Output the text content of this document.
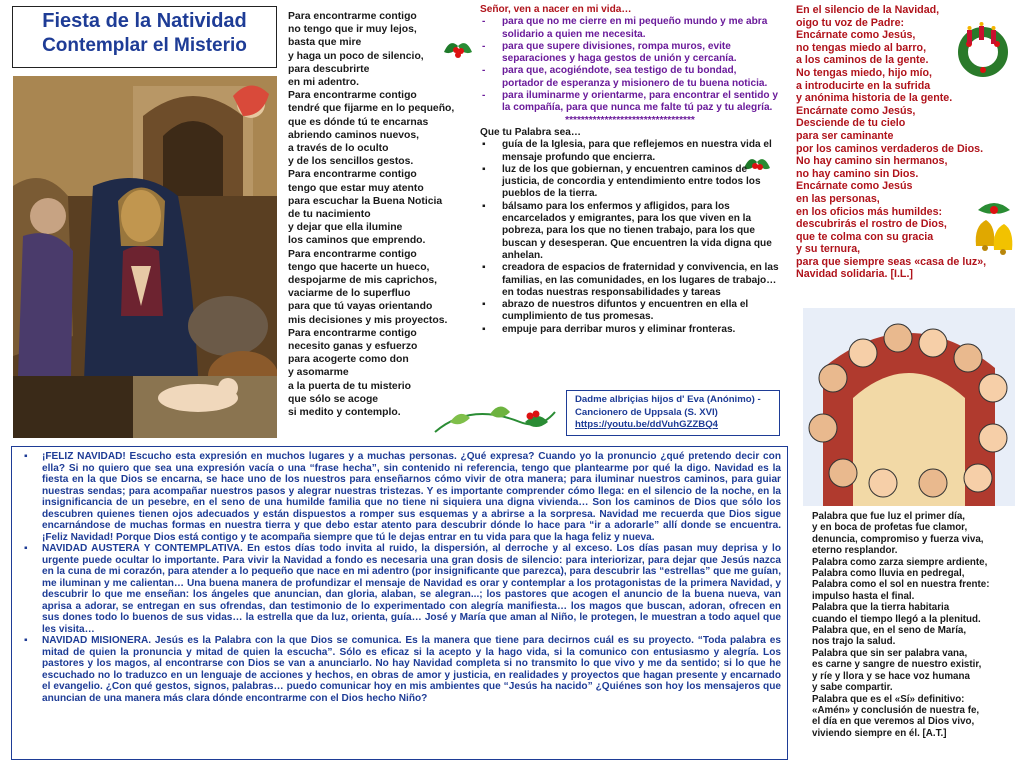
Fiesta de la Natividad
Contemplar el Misterio
Para encontrarme contigo
no tengo que ir muy lejos,
basta que mire
y haga un poco de silencio,
para descubrirte
en mi adentro.
Para encontrarme contigo
tendré que fijarme en lo pequeño,
que es dónde tú te encarnas
abriendo caminos nuevos,
a través de lo oculto
y de los sencillos gestos.
Para encontrarme contigo
tengo que estar muy atento
para escuchar la Buena Noticia
de tu nacimiento
y dejar que ella ilumine
los caminos que emprendo.
Para encontrarme contigo
tengo que hacerte un hueco,
despojarme de mis caprichos,
vaciarme de lo superfluo
para que tú vayas orientando
mis decisiones y mis proyectos.
Para encontrarme contigo
necesito ganas y esfuerzo
para acogerte como don
y asomarme
a la puerta de tu misterio
que sólo se acoge
si medito y contemplo.
Señor, ven a nacer en mi vida…
- para que no me cierre en mi pequeño mundo y me abra solidario a quien me necesita.
- para que supere divisiones, rompa muros, evite separaciones y haga gestos de unión y cercanía.
- para que, acogiéndote, sea testigo de tu bondad, portador de esperanza y misionero de tu buena noticia.
- para iluminarme y orientarme, para encontrar el sentido y la compañía, para que nunca me falte tú paz y tu alegría.
*********************************
Que tu Palabra sea…
▪ guía de la Iglesia, para que reflejemos en nuestra vida el mensaje profundo que encierra.
▪ luz de los que gobiernan, y encuentren caminos de justicia, de concordia y entendimiento entre todos los pueblos de la tierra.
▪ bálsamo para los enfermos y afligidos, para los encarcelados y emigrantes, para los que viven en la pobreza, para los que no tienen trabajo, para los que buscan y desesperan. Que encuentren la vida digna que anhelan.
▪ creadora de espacios de fraternidad y convivencia, en las familias, en las comunidades, en los lugares de trabajo… en todas nuestras responsabilidades y tareas
▪ abrazo de nuestros difuntos y encuentren en ella el cumplimiento de tus promesas.
▪ empuje para derribar muros y eliminar fronteras.
Dadme albriçias hijos d' Eva (Anónimo) -
Cancionero de Uppsala (S. XVI)
https://youtu.be/ddVuhGZZBQ4
En el silencio de la Navidad,
oigo tu voz de Padre:
Encárnate como Jesús,
no tengas miedo al barro,
a los caminos de la gente.
No tengas miedo, hijo mío,
a introducirte en la sufrida
y anónima historia de la gente.
Encárnate como Jesús,
Desciende de tu cielo
para ser caminante
por los caminos verdaderos de Dios.
No hay camino sin hermanos,
no hay camino sin Dios.
Encárnate como Jesús
en las personas,
en los oficios más humildes:
descubrirás el rostro de Dios,
que te colma con su gracia
y su ternura,
para que siempre seas «casa de luz»,
Navidad solidaria. [I.L.]
▪ ¡FELIZ NAVIDAD! Escucho esta expresión en muchos lugares y a muchas personas. ¿Qué expresa? Cuando yo la pronuncio ¿qué pretendo decir con ella? Si no quiero que sea una expresión vacía o una “frase hecha”, sin contenido ni referencia, tengo que plantearme por qué la digo. Navidad es la fiesta en la que Dios se encarna, se hace uno de los nuestros para enseñarnos cómo vivir de otra manera; para iluminar nuestros caminos, para guiar nuestras sendas; para acompañar nuestros pasos y alegrar nuestras tristezas. Y es importante comprender cómo llega: en el silencio de la noche, en la insignificancia de un pesebre, en el seno de una humilde familia que no tiene ni siquiera una digna vivienda… Son los caminos de Dios que sólo los descubren quienes tienen ojos adecuados y están dispuestos a romper sus esquemas y a abrirse a la sorpresa. Navidad me recuerda que Dios sigue encarnándose de muchas formas en nuestra tierra y que debo estar atento para descubrir dónde lo hace para “ir a adorarle” allí donde se encuentra. ¡Feliz Navidad! Porque Dios está contigo y te acompaña siempre que tú le dejas entrar en tu vida para que la haga feliz y nueva.
▪ NAVIDAD AUSTERA Y CONTEMPLATIVA. En estos días todo invita al ruido, la dispersión, al derroche y al exceso. Los días pasan muy deprisa y lo urgente puede ocultar lo importante. Para vivir la Navidad a fondo es necesaria una gran dosis de silencio: para interiorizar, para dejar que Jesús nazca en la cuna de mi corazón, para atender a lo pequeño que nace en mi adentro (por insignificante que parezca), para descubrir las “estrellas” que me guían, me iluminan y me calientan… Una buena manera de profundizar el mensaje de Navidad es orar y contemplar a los protagonistas de la primera Navidad, y descubrir lo que me enseñan: los ángeles que anuncian, dan gloria, alaban, se alegran...; los pastores que acogen el anuncio de la buena nueva, van aprisa a adorar, se entregan en sus ofrendas, dan testimonio de lo experimentado con alegría manifiesta… los magos que buscan, adoran, ofrecen en sus dones todo lo buenos de sus vidas… la estrella que da luz, orienta, guía… José y María que aman al Niño, le protegen, le muestran a todo aquel que les visita…
▪ NAVIDAD MISIONERA. Jesús es la Palabra con la que Dios se comunica. Es la manera que tiene para decirnos cuál es su proyecto. “Toda palabra es mitad de quien la pronuncia y mitad de quien la escucha”. Sólo es eficaz si la acepto y la hago vida, si la comunico con entusiasmo y alegría. Los pastores y los magos, al encontrarse con Dios se van a anunciarlo. No hay Navidad completa si no transmito lo que vivo y me da sentido; si lo que he escuchado no lo traduzco en un lenguaje de acciones y hechos, en obras de amor y justicia, en realidades y proyectos que hagan presente y encarnado el evangelio. ¿Con qué gestos, signos, palabras… puedo comunicar hoy en mis ambientes que “Jesús ha nacido” ¿Quiénes son hoy los mensajeros que anuncian de una manera más clara dónde encontrarme con el Dios hecho Niño?
Palabra que fue luz el primer día,
y en boca de profetas fue clamor,
denuncia, compromiso y fuerza viva,
eterno resplandor.
Palabra como zarza siempre ardiente,
Palabra como lluvia en pedregal,
Palabra como el sol en nuestra frente:
impulso hasta el final.
Palabra que la tierra habitaria
cuando el tiempo llegó a la plenitud.
Palabra que, en el seno de María,
nos trajo la salud.
Palabra que sin ser palabra vana,
es carne y sangre de nuestro existir,
y ríe y llora y se hace voz humana
y sabe compartir.
Palabra que es el «Sí» definitivo:
«Amén» y conclusión de nuestra fe,
el día en que veremos al Dios vivo,
viviendo siempre en él. [A.T.]
